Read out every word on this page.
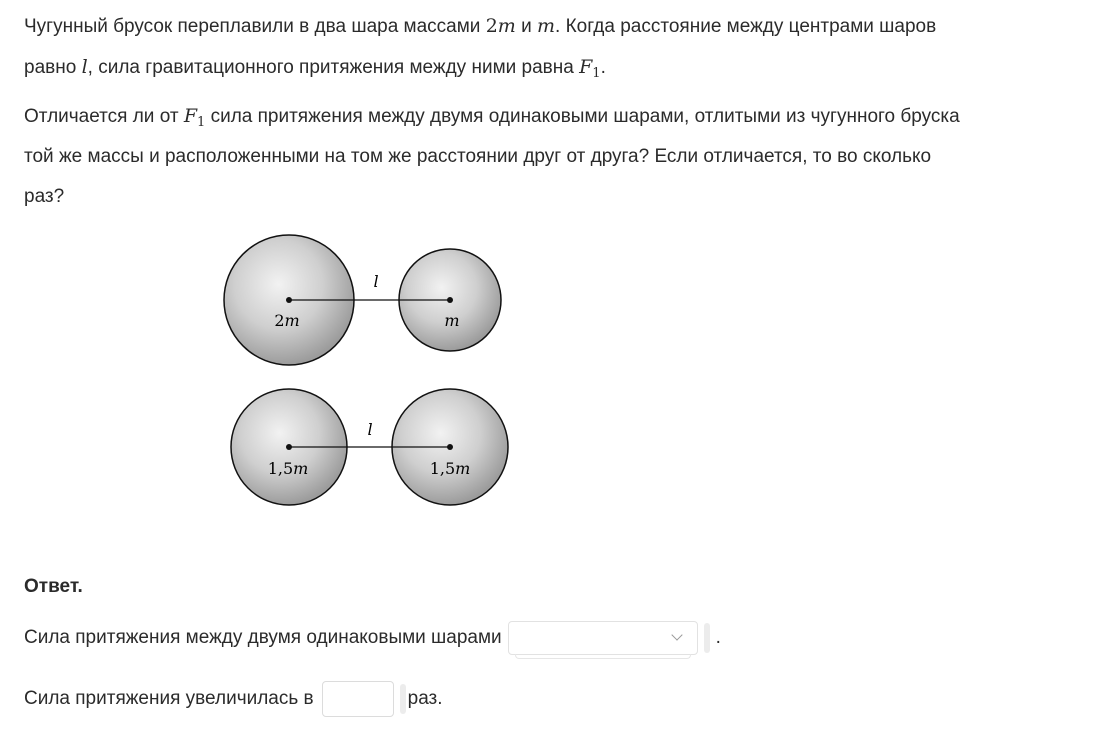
Чугунный брусок переплавили в два шара массами 2m и m. Когда расстояние между центрами шаров равно l, сила гравитационного притяжения между ними равна $F_1$.

Отличается ли от $F_1$ сила притяжения между двумя одинаковыми шарами, отлитыми из чугунного бруска той же массы и расположенными на том же расстоянии друг от друга? Если отличается, то во сколько раз?

l
2m	m
l
1,5m	1,5m
Ответ.
Сила притяжения между двумя одинаковыми шарами	.
Сила притяжения увеличилась в	раз.
